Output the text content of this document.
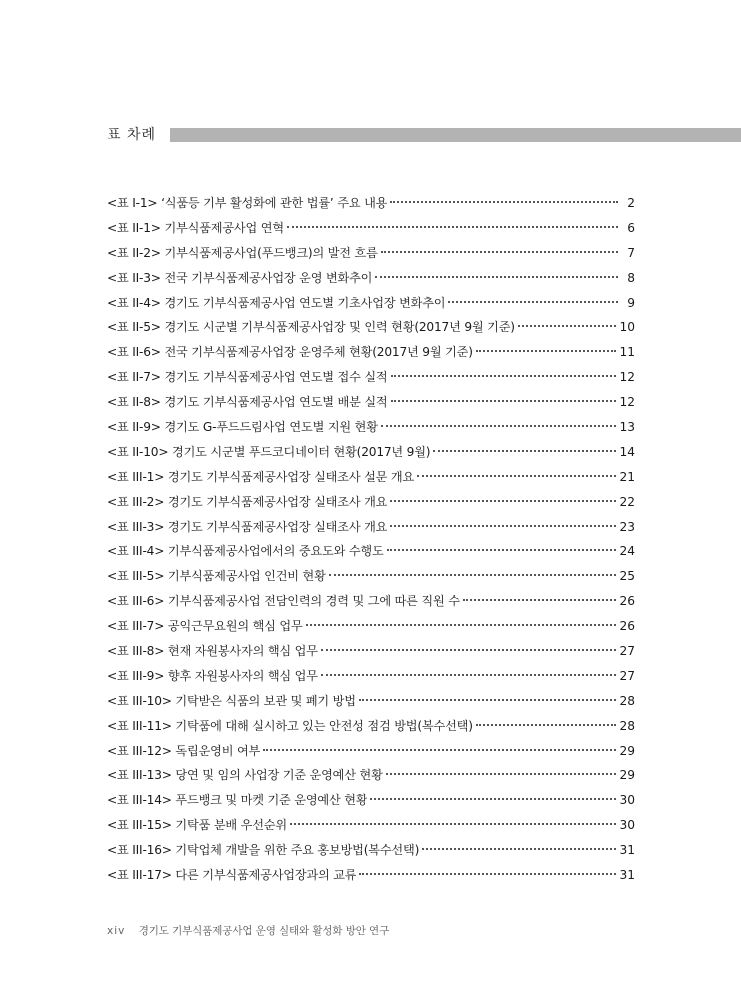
표 차례
<표 I-1> ‘식품등 기부 활성화에 관한 법률’ 주요 내용	2
<표 II-1> 기부식품제공사업 연혁	6
<표 II-2> 기부식품제공사업(푸드뱅크)의 발전 흐름	7
<표 II-3> 전국 기부식품제공사업장 운영 변화추이	8
<표 II-4> 경기도 기부식품제공사업 연도별 기초사업장 변화추이	9
<표 II-5> 경기도 시군별 기부식품제공사업장 및 인력 현황(2017년 9월 기준)	10
<표 II-6> 전국 기부식품제공사업장 운영주체 현황(2017년 9월 기준)	11
<표 II-7> 경기도 기부식품제공사업 연도별 접수 실적	12
<표 II-8> 경기도 기부식품제공사업 연도별 배분 실적	12
<표 II-9> 경기도 G-푸드드림사업 연도별 지원 현황	13
<표 II-10> 경기도 시군별 푸드코디네이터 현황(2017년 9월)	14
<표 III-1> 경기도 기부식품제공사업장 실태조사 설문 개요	21
<표 III-2> 경기도 기부식품제공사업장 실태조사 개요	22
<표 III-3> 경기도 기부식품제공사업장 실태조사 개요	23
<표 III-4> 기부식품제공사업에서의 중요도와 수행도	24
<표 III-5> 기부식품제공사업 인건비 현황	25
<표 III-6> 기부식품제공사업 전담인력의 경력 및 그에 따른 직원 수	26
<표 III-7> 공익근무요원의 핵심 업무	26
<표 III-8> 현재 자원봉사자의 핵심 업무	27
<표 III-9> 향후 자원봉사자의 핵심 업무	27
<표 III-10> 기탁받은 식품의 보관 및 폐기 방법	28
<표 III-11> 기탁품에 대해 실시하고 있는 안전성 점검 방법(복수선택)	28
<표 III-12> 독립운영비 여부	29
<표 III-13> 당연 및 임의 사업장 기준 운영예산 현황	29
<표 III-14> 푸드뱅크 및 마켓 기준 운영예산 현황	30
<표 III-15> 기탁품 분배 우선순위	30
<표 III-16> 기탁업체 개발을 위한 주요 홍보방법(복수선택)	31
<표 III-17> 다른 기부식품제공사업장과의 교류	31
xiv 경기도 기부식품제공사업 운영 실태와 활성화 방안 연구
